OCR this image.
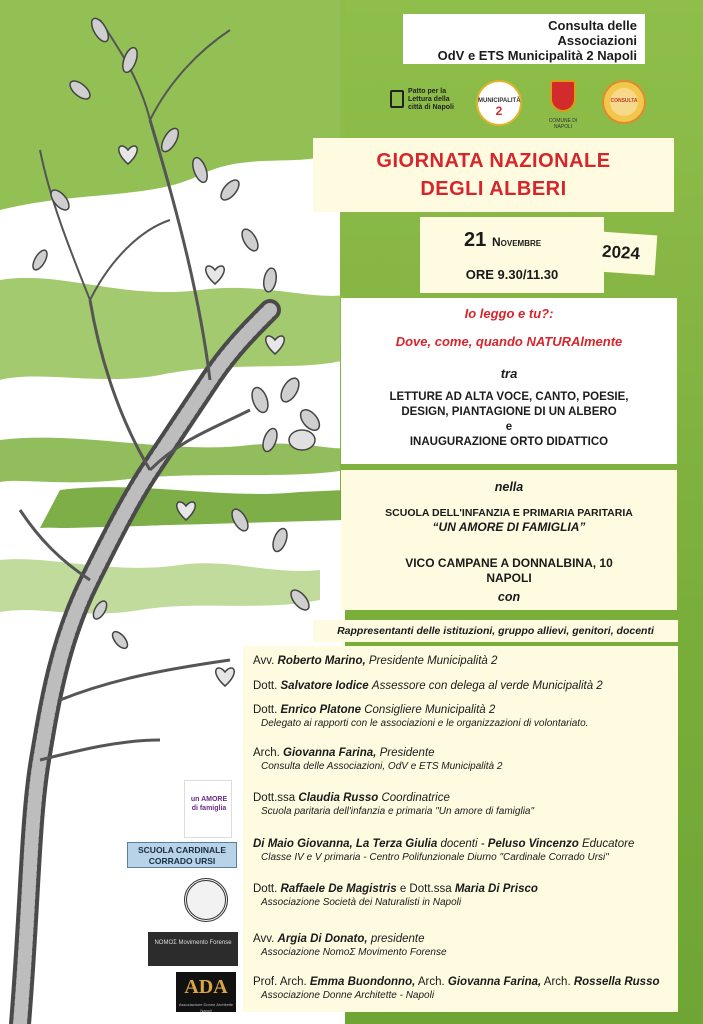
Consulta delle
Associazioni
OdV e ETS Municipalità 2 Napoli
Patto per la Lettura della città di Napoli
MUNICIPALITÀ
2
COMUNE DI NAPOLI
CONSULTA
GIORNATA NAZIONALE
DEGLI ALBERI
21 Novembre
ORE 9.30/11.30
2024
Io leggo e tu?:
Dove, come, quando NATURAlmente
tra
LETTURE AD ALTA VOCE, CANTO, POESIE,
DESIGN, PIANTAGIONE DI UN ALBERO
e
INAUGURAZIONE ORTO DIDATTICO
nella
SCUOLA DELL'INFANZIA E PRIMARIA PARITARIA
“UN AMORE DI FAMIGLIA”
VICO CAMPANE A DONNALBINA, 10
NAPOLI
con
Rappresentanti delle istituzioni, gruppo allievi, genitori, docenti
Avv. Roberto Marino, Presidente Municipalità 2
Dott. Salvatore Iodice Assessore con delega al verde Municipalità 2
Dott. Enrico Platone Consigliere Municipalità 2
Delegato ai rapporti con le associazioni e le organizzazioni di volontariato.
Arch. Giovanna Farina, Presidente
Consulta delle Associazioni, OdV e ETS Municipalità 2
Dott.ssa Claudia Russo Coordinatrice
Scuola paritaria dell'infanzia e primaria "Un amore di famiglia"
Di Maio Giovanna, La Terza Giulia docenti - Peluso Vincenzo Educatore
Classe IV e V primaria - Centro Polifunzionale Diurno "Cardinale Corrado Ursi"
Dott. Raffaele De Magistris e Dott.ssa Maria Di Prisco
Associazione Società dei Naturalisti in Napoli
Avv. Argia Di Donato, presidente
Associazione NomoΣ Movimento Forense
Prof. Arch. Emma Buondonno, Arch. Giovanna Farina, Arch. Rossella Russo
Associazione Donne Architette - Napoli
un AMORE di famiglia
SCUOLA CARDINALE
CORRADO URSI
NOMOΣ Movimento Forense
ADA
Associazione Donne Architette Napoli
